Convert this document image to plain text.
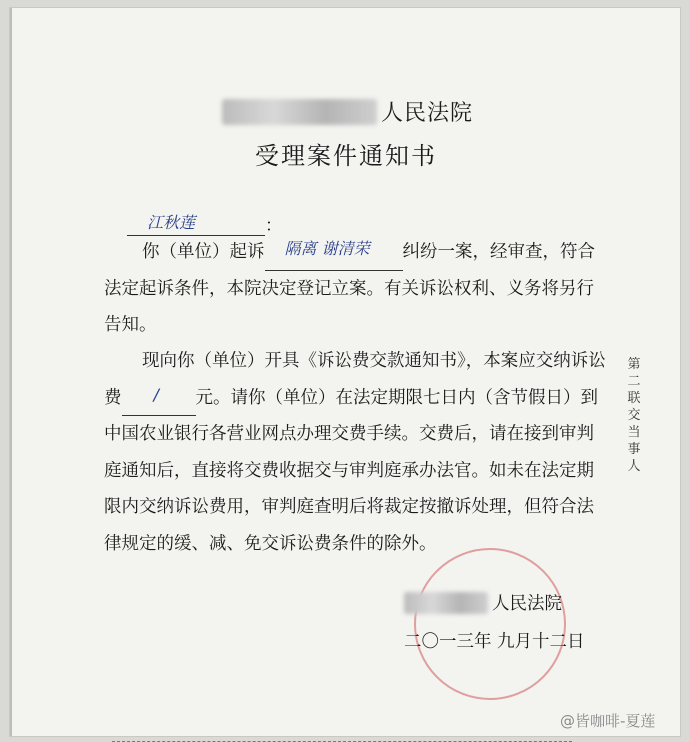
人民法院
受理案件通知书
江秋莲	：
你（单位）起诉 隔离 谢清荣 纠纷一案，经审查，符合法定起诉条件，本院决定登记立案。有关诉讼权利、义务将另行告知。
现向你（单位）开具《诉讼费交款通知书》，本案应交纳诉讼费 / 元。请你（单位）在法定期限七日内（含节假日）到中国农业银行各营业网点办理交费手续。交费后，请在接到审判庭通知后，直接将交费收据交与审判庭承办法官。如未在法定期限内交纳诉讼费用，审判庭查明后将裁定按撤诉处理，但符合法律规定的缓、减、免交诉讼费条件的除外。
第二联 交当事人
人民法院
二〇一三年 九月十二日
@皆咖啡-夏莲
